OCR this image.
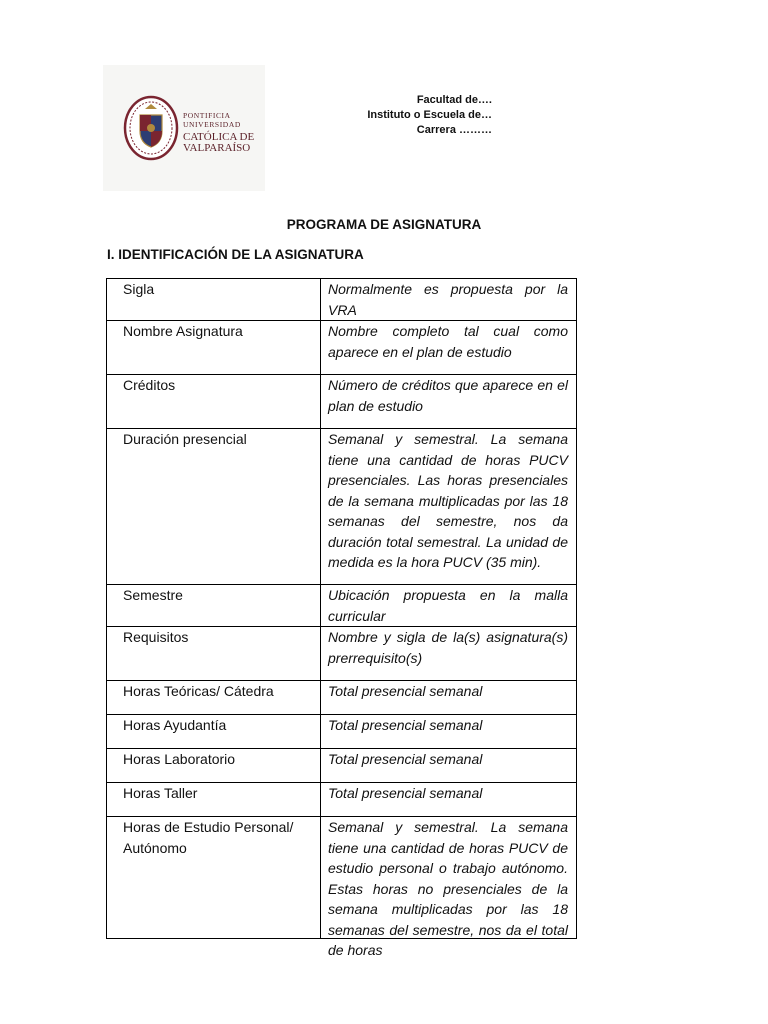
PONTIFICIA
UNIVERSIDAD
CATÓLICA DE
VALPARAÍSO
Facultad de….
Instituto o Escuela de…
Carrera ………
PROGRAMA DE ASIGNATURA
I. IDENTIFICACIÓN DE LA ASIGNATURA
Sigla	Normalmente es propuesta por la VRA
Nombre Asignatura	Nombre completo tal cual como aparece en el plan de estudio
Créditos	Número de créditos que aparece en el plan de estudio
Duración presencial	Semanal y semestral. La semana tiene una cantidad de horas PUCV presenciales. Las horas presenciales de la semana multiplicadas por las 18 semanas del semestre, nos da duración total semestral. La unidad de medida es la hora PUCV (35 min).
Semestre	Ubicación propuesta en la malla curricular
Requisitos	Nombre y sigla de la(s) asignatura(s) prerrequisito(s)
Horas Teóricas/ Cátedra	Total presencial semanal
Horas Ayudantía	Total presencial semanal
Horas Laboratorio	Total presencial semanal
Horas Taller	Total presencial semanal
Horas de Estudio Personal/ Autónomo	Semanal y semestral. La semana tiene una cantidad de horas PUCV de estudio personal o trabajo autónomo. Estas horas no presenciales de la semana multiplicadas por las 18 semanas del semestre, nos da el total de horas
